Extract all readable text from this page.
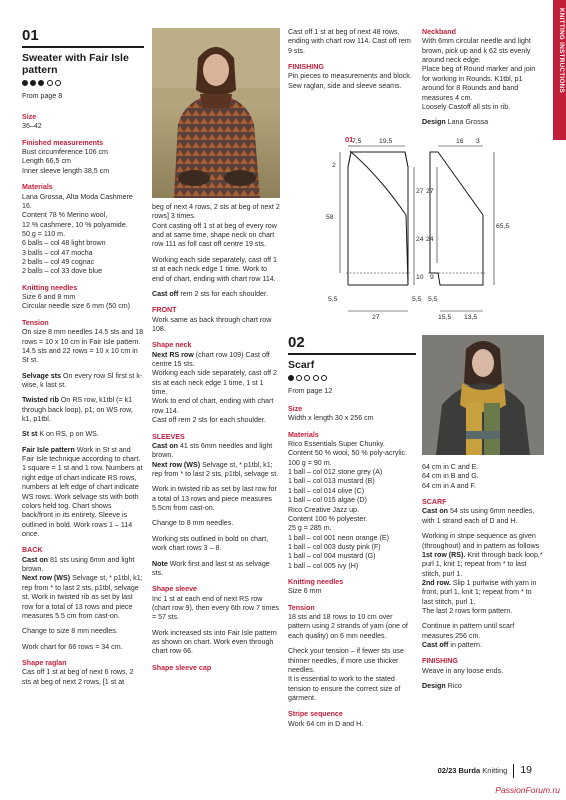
KNITTING INSTRUCTIONS
01
Sweater with Fair Isle pattern
From page 8
Size
36–42
Finished measurements
Bust circumference 106 cm
Length 66,5 cm
Inner sleeve length 38,5 cm
Materials
Lana Grossa, Alta Moda Cashmere 16.
Content 78 % Merino wool,
12 % cashmere, 10 % polyamide.
50 g = 110 m.
6 balls – col 48 light brown
3 balls – col 47 mocha
2 balls – col 49 cognac
2 balls – col 33 dove blue
Knitting needles
Size 6 and 8 mm
Circular needle size 6 mm (50 cm)
Tension
On size 8 mm needles 14.5 sts and 18 rows = 10 x 10 cm in Fair Isle pattern. 14.5 sts and 22 rows = 10 x 10 cm in St st.
Selvage sts On every row Sl first st k-wise, k last st.
Twisted rib On RS row, k1tbl (= k1 through back loop), p1; on WS row, k1, p1tbl.
St st K on RS, p on WS.
Fair Isle pattern Work in St st and Fair Isle technique according to chart. 1 square = 1 st and 1 row. Numbers at right edge of chart indicate RS rows, numbers at left edge of chart indicate WS rows. Work selvage sts with both colors held tog. Chart shows back/front in its entirety. Sleeve is outlined in bold. Work rows 1 – 114 once.
BACK
Cast on 81 sts using 6mm and light brown.
Next row (WS) Selvage st, * p1tbl, k1; rep from * to last 2 sts, p1tbl, selvage st. Work in twisted rib as set by last row for a total of 13 rows and piece measures 5.5 cm from cast-on.
Change to size 8 mm needles.
Work chart for 66 rows = 34 cm.
Shape raglan
Cas off 1 st at beg of next 6 rows, 2 sts at beg of next 2 rows, [1 st at
beg of next 4 rows, 2 sts at beg of next 2 rows] 3 times.
Cont casting off 1 st at beg of every row and at same time, shape neck on chart row 111 as foll cast off centre 19 sts.
Working each side separately, cast off 1 st at each neck edge 1 time. Work to end of chart, ending with chart row 114.
Cast off rem 2 sts for each shoulder.
FRONT
Work same as back through chart row 108.
Shape neck
Next RS row (chart row 109) Cast off centre 15 sts.
Working each side separately, cast off 2 sts at each neck edge 1 time, 1 st 1 time.
Work to end of chart, ending with chart row 114.
Cast off rem 2 sts for each shoulder.
SLEEVES
Cast on 41 sts 6mm needles and light brown.
Next row (WS) Selvage st, * p1tbl, k1; rep from * to last 2 sts, p1tbl, selvage st.
Work in twisted rib as set by last row for a total of 13 rows and piece measures 5.5cm from cast-on.
Change to 8 mm needles.
Working sts outlined in bold on chart, work chart rows 3 – 8.
Note Work first and last st as selvage sts.
Shape sleeve
Inc 1 st at each end of next RS row (chart row 9), then every 6th row 7 times = 57 sts.
Work increased sts into Fair Isle pattern as shown on chart. Work even through chart row 66.
Shape sleeve cap
Cast off 1 st at beg of next 48 rows, ending with chart row 114. Cast off rem 9 sts.
FINISHING
Pin pieces to measurements and block. Sew raglan, side and sleeve seams.
Neckband
With 6mm circular needle and light brown, pick up and k 62 sts evenly around neck edge.
Place beg of Round marker and join for working in Rounds. K1tbl, p1 around for 8 Rounds and band measures 4 cm.
Loosely Castoff all sts in rib.
Design Lana Grossa
01
7,5	19,5
2
58
27
24
10
5,5	5,5
27
16 3
27
65,5
24
9
5,5
15,5 13,5
02
Scarf
From page 12
Size
Width x length 30 x 256 cm
Materials
Rico Essentials Super Chunky.
Content 50 % wool, 50 % poly-acrylic.
100 g = 90 m.
1 ball – col 012 stone grey (A)
1 ball – col 013 mustard (B)
1 ball – col 014 olive (C)
1 ball – col 015 algae (D)
Rico Creative Jazz up.
Content 100 % polyester.
25 g = 285 m.
1 ball – col 001 neon orange (E)
1 ball – col 003 dusty pink (F)
1 ball – col 004 mustard (G)
1 ball – col 005 ivy (H)
Knitting needles
Size 6 mm
Tension
18 sts and 18 rows to 10 cm over pattern using 2 strands of yarn (one of each quality) on 6 mm needles.
Check your tension – if fewer sts use thinner needles, if more use thicker needles.
It is essential to work to the stated tension to ensure the correct size of garment.
Stripe sequence
Work 64 cm in D and H.
64 cm in C and E.
64 cm in B and G.
64 cm in A and F.
SCARF
Cast on 54 sts using 6mm needles, with 1 strand each of D and H.
Working in stripe sequence as given (throughout) and in pattern as follows
1st row (RS). Knit through back loop,* purl 1, knit 1; repeat from * to last stitch, purl 1.
2nd row. Slip 1 purlwise with yarn in front, purl 1, knit 1; repeat from * to last stitch, purl 1.
The last 2 rows form pattern.
Continue in pattern until scarf measures 256 cm.
Cast off in pattern.
FINISHING
Weave in any loose ends.
Design Rico
02/23 Burda Knitting 19
PassionForum.ru
